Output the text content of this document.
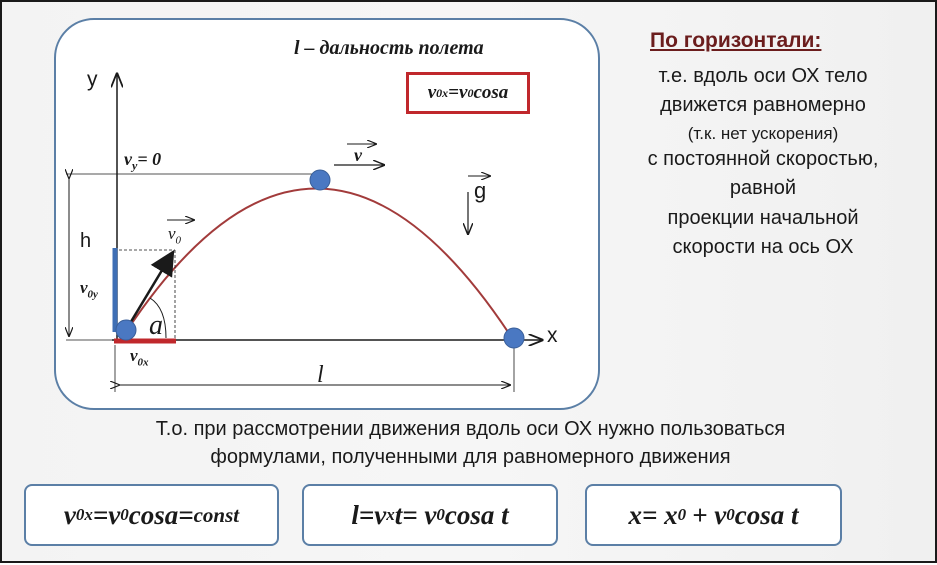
l – дальность полета
v 0x =v 0 cosa
y
x
$v_y= 0$	v
g
h	$v_0$
$v_{0y}$
$v_{0x}$
a
l
По горизонтали:
т.е. вдоль оси ОХ тело
движется равномерно
(т.к. нет ускорения)
с постоянной скоростью,
равной
проекции начальной
скорости на ось ОХ
Т.о. при рассмотрении движения вдоль оси ОХ нужно пользоваться
формулами, полученными для равномерного движения
v 0x =v 0 cosa= const	l=v x t= v 0 cosa t	x= x 0 + v 0 cosa t
